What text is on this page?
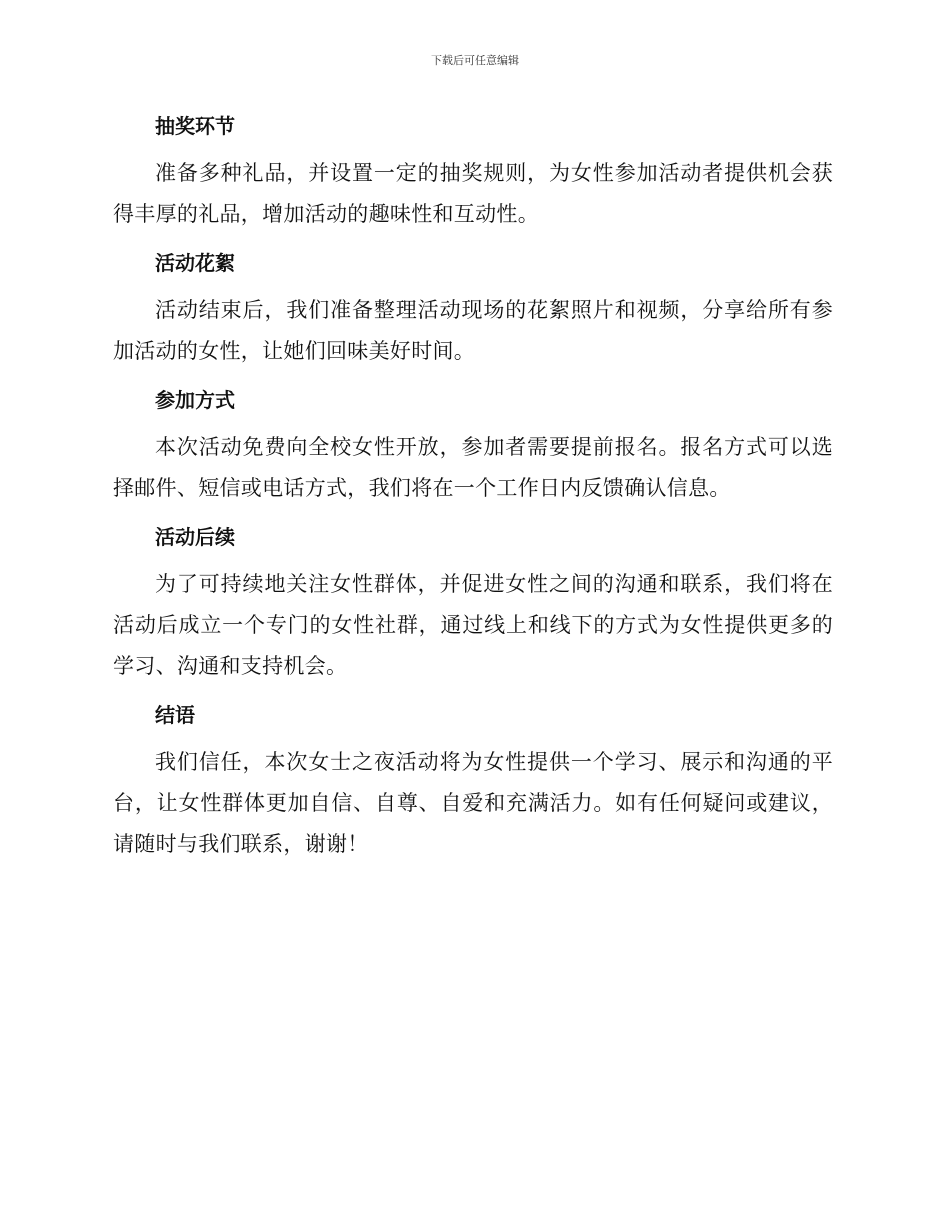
下载后可任意编辑
抽奖环节

准备多种礼品，并设置一定的抽奖规则，为女性参加活动者提供机会获得丰厚的礼品，增加活动的趣味性和互动性。

活动花絮

活动结束后，我们准备整理活动现场的花絮照片和视频，分享给所有参加活动的女性，让她们回味美好时间。

参加方式

本次活动免费向全校女性开放，参加者需要提前报名。报名方式可以选择邮件、短信或电话方式，我们将在一个工作日内反馈确认信息。

活动后续

为了可持续地关注女性群体，并促进女性之间的沟通和联系，我们将在活动后成立一个专门的女性社群，通过线上和线下的方式为女性提供更多的学习、沟通和支持机会。

结语

我们信任，本次女士之夜活动将为女性提供一个学习、展示和沟通的平台，让女性群体更加自信、自尊、自爱和充满活力。如有任何疑问或建议，请随时与我们联系，谢谢！
